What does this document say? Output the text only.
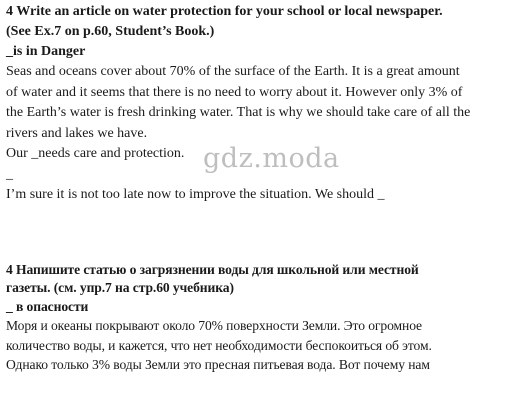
4 Write an article on water protection for your school or local newspaper.

(See Ex.7 on p.60, Student’s Book.)

_is in Danger

Seas and oceans cover about 70% of the surface of the Earth. It is a great amount

of water and it seems that there is no need to worry about it. However only 3% of

the Earth’s water is fresh drinking water. That is why we should take care of all the

rivers and lakes we have.

Our _needs care and protection.

_

I’m sure it is not too late now to improve the situation. We should _

4 Напишите статью о загрязнении воды для школьной или местной

газеты. (см. упр.7 на стр.60 учебника)

_ в опасности

Моря и океаны покрывают около 70% поверхности Земли. Это огромное

количество воды, и кажется, что нет необходимости беспокоиться об этом.

Однако только 3% воды Земли это пресная питьевая вода. Вот почему нам

gdz.moda
